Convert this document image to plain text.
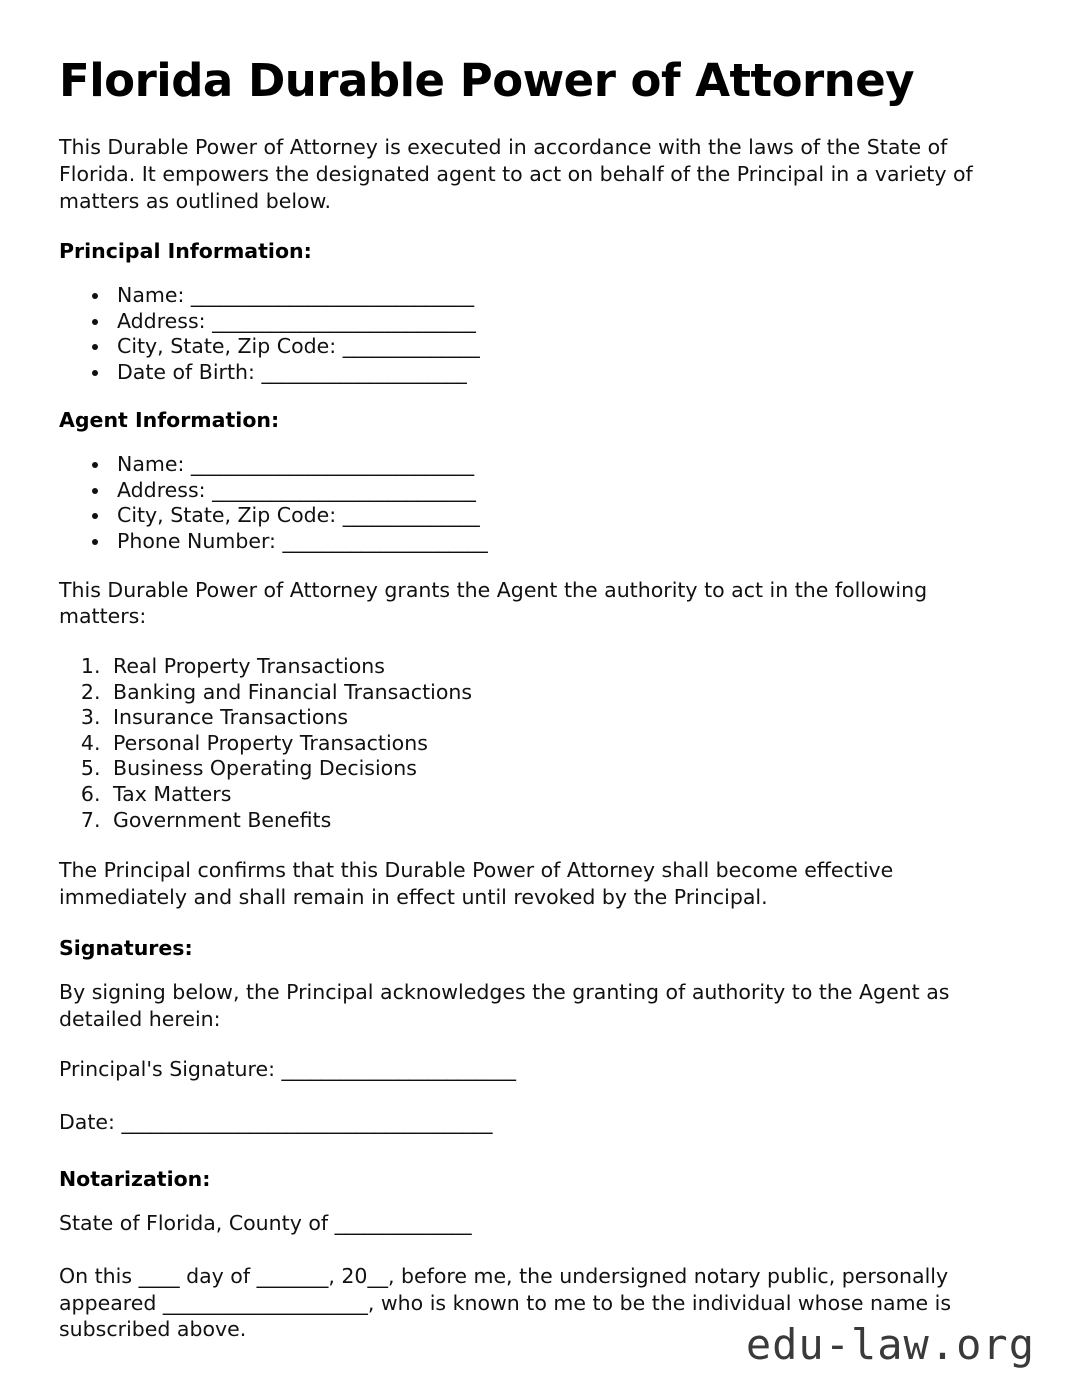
Florida Durable Power of Attorney

This Durable Power of Attorney is executed in accordance with the laws of the State of Florida. It empowers the designated agent to act on behalf of the Principal in a variety of matters as outlined below.

Principal Information:
• Name: _____________________________
• Address: ___________________________
• City, State, Zip Code: ______________
• Date of Birth: _____________________
Agent Information:
• Name: _____________________________
• Address: ___________________________
• City, State, Zip Code: ______________
• Phone Number: _____________________

This Durable Power of Attorney grants the Agent the authority to act in the following matters:

1. Real Property Transactions
2. Banking and Financial Transactions
3. Insurance Transactions
4. Personal Property Transactions
5. Business Operating Decisions
6. Tax Matters
7. Government Benefits

The Principal confirms that this Durable Power of Attorney shall become effective immediately and shall remain in effect until revoked by the Principal.

Signatures:

By signing below, the Principal acknowledges the granting of authority to the Agent as detailed herein:

Principal's Signature: ________________________
Date: ______________________________________
Notarization:
State of Florida, County of ______________

On this ____ day of _______, 20__, before me, the undersigned notary public, personally appeared ____________________, who is known to me to be the individual whose name is subscribed above.	edu-law.org
